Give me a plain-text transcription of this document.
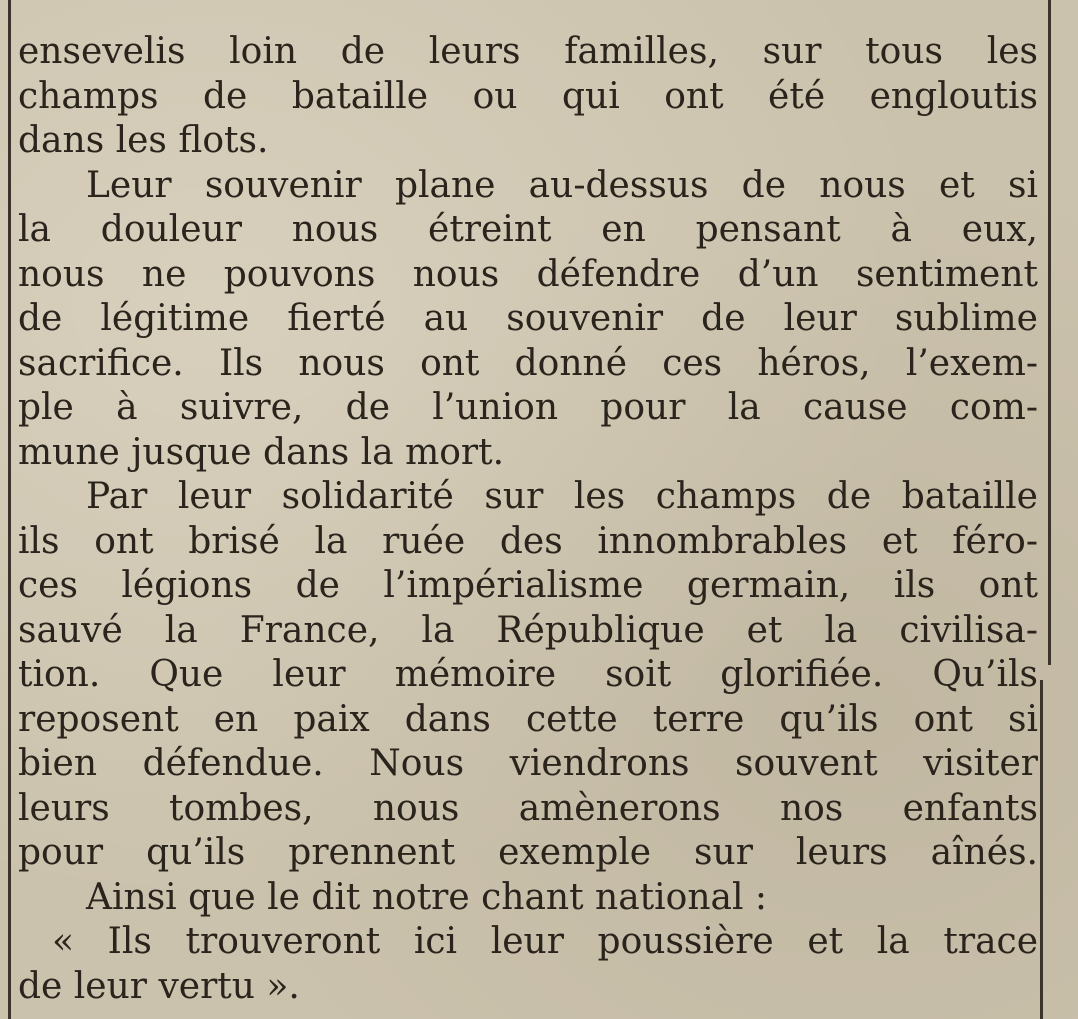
ensevelis loin de leurs familles, sur tous les
champs de bataille ou qui ont été engloutis
dans les flots.
Leur souvenir plane au-dessus de nous et si
la douleur nous étreint en pensant à eux,
nous ne pouvons nous défendre d’un sentiment
de légitime fierté au souvenir de leur sublime
sacrifice. Ils nous ont donné ces héros, l’exem-
ple à suivre, de l’union pour la cause com-
mune jusque dans la mort.
Par leur solidarité sur les champs de bataille
ils ont brisé la ruée des innombrables et féro-
ces légions de l’impérialisme germain, ils ont
sauvé la France, la République et la civilisa-
tion. Que leur mémoire soit glorifiée. Qu’ils
reposent en paix dans cette terre qu’ils ont si
bien défendue. Nous viendrons souvent visiter
leurs tombes, nous amènerons nos enfants
pour qu’ils prennent exemple sur leurs aînés.
Ainsi que le dit notre chant national :
« Ils trouveront ici leur poussière et la trace
de leur vertu ».
